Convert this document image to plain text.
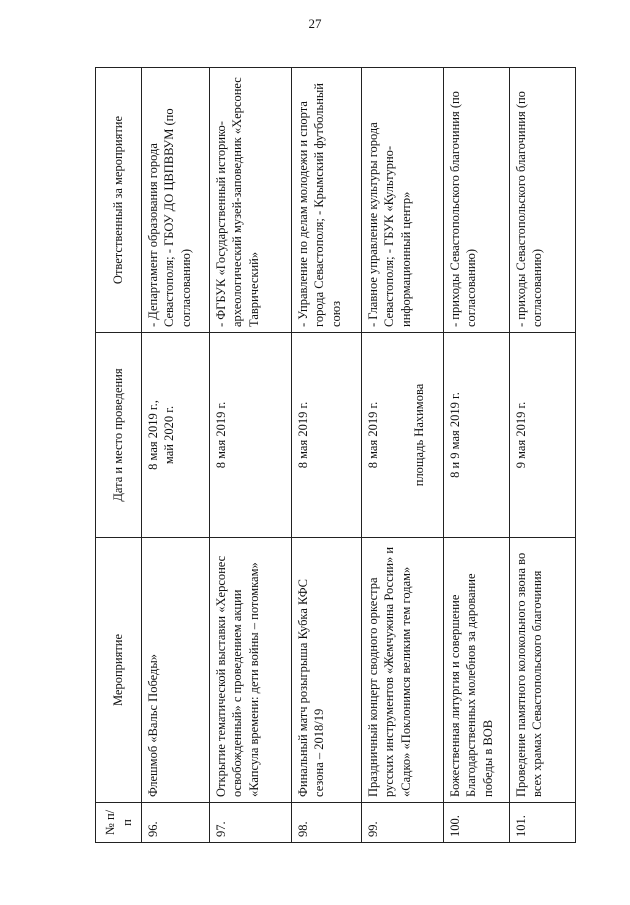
27
№ п/п	Мероприятие	Дата и место проведения	Ответственный за мероприятие
96.	Флешмоб «Вальс Победы»	8 мая 2019 г., май 2020 г.	- Департамент образования города Севастополя; - ГБОУ ДО ЦВПВВУМ (по согласованию)
97.	Открытие тематической выставки «Херсонес освобожденный» с проведением акции «Капсула времени: дети войны – потомкам»	8 мая 2019 г.	- ФГБУК «Государственный историко-археологический музей-заповедник «Херсонес Таврический»
98.	Финальный матч розыгрыша Кубка КФС сезона – 2018/19	8 мая 2019 г.	- Управление по делам молодежи и спорта города Севастополя; - Крымский футбольный союз
99.	Праздничный концерт сводного оркестра русских инструментов «Жемчужина России» и «Садко» «Поклонимся великим тем годам»	8 мая 2019 г. площадь Нахимова	- Главное управление культуры города Севастополя; - ГБУК «Культурно-информационный центр»
100.	Божественная литургия и совершение Благодарственных молебнов за дарование победы в ВОВ	8 и 9 мая 2019 г.	- приходы Севастопольского благочиния (по согласованию)
101.	Проведение памятного колокольного звона во всех храмах Севастопольского благочиния	9 мая 2019 г.	- приходы Севастопольского благочиния (по согласованию)
